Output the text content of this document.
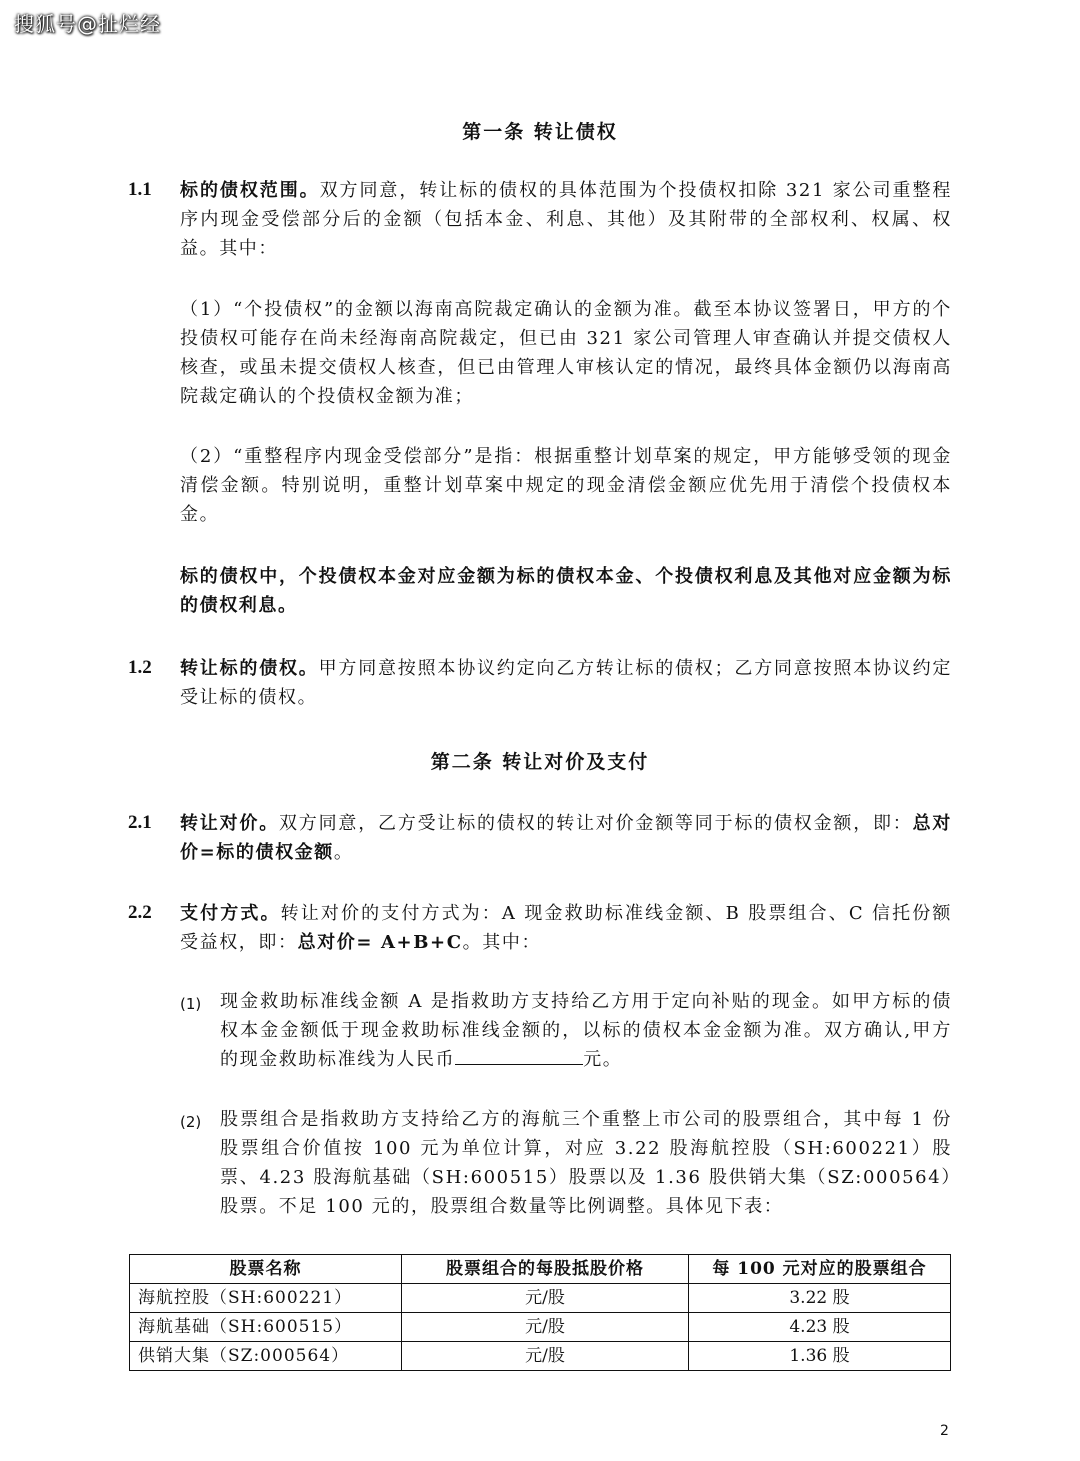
搜狐号@扯烂经
第一条 转让债权
1.1 标的债权范围。双方同意，转让标的债权的具体范围为个投债权扣除 321 家公司重整程序内现金受偿部分后的金额（包括本金、利息、其他）及其附带的全部权利、权属、权益。其中：

（1）“个投债权”的金额以海南高院裁定确认的金额为准。截至本协议签署日，甲方的个投债权可能存在尚未经海南高院裁定，但已由 321 家公司管理人审查确认并提交债权人核查，或虽未提交债权人核查，但已由管理人审核认定的情况，最终具体金额仍以海南高院裁定确认的个投债权金额为准；

（2）“重整程序内现金受偿部分”是指：根据重整计划草案的规定，甲方能够受领的现金清偿金额。特别说明，重整计划草案中规定的现金清偿金额应优先用于清偿个投债权本金。

标的债权中，个投债权本金对应金额为标的债权本金、个投债权利息及其他对应金额为标的债权利息。

1.2 转让标的债权。甲方同意按照本协议约定向乙方转让标的债权；乙方同意按照本协议约定受让标的债权。

第二条 转让对价及支付
2.1 转让对价。双方同意，乙方受让标的债权的转让对价金额等同于标的债权金额，即：总对价=标的债权金额。

2.2 支付方式。转让对价的支付方式为：A 现金救助标准线金额、B 股票组合、C 信托份额受益权，即：总对价= A+B+C。其中：

(1) 现金救助标准线金额 A 是指救助方支持给乙方用于定向补贴的现金。如甲方标的债权本金金额低于现金救助标准线金额的，以标的债权本金金额为准。双方确认,甲方的现金救助标准线为人民币	元。

(2) 股票组合是指救助方支持给乙方的海航三个重整上市公司的股票组合，其中每 1 份股票组合价值按 100 元为单位计算，对应 3.22 股海航控股（SH:600221）股票、4.23 股海航基础（SH:600515）股票以及 1.36 股供销大集（SZ:000564）股票。不足 100 元的，股票组合数量等比例调整。具体见下表：

股票名称	股票组合的每股抵股价格	每 100 元对应的股票组合
海航控股（SH:600221）	元/股	3.22 股
海航基础（SH:600515）	元/股	4.23 股
供销大集（SZ:000564）	元/股	1.36 股
2
